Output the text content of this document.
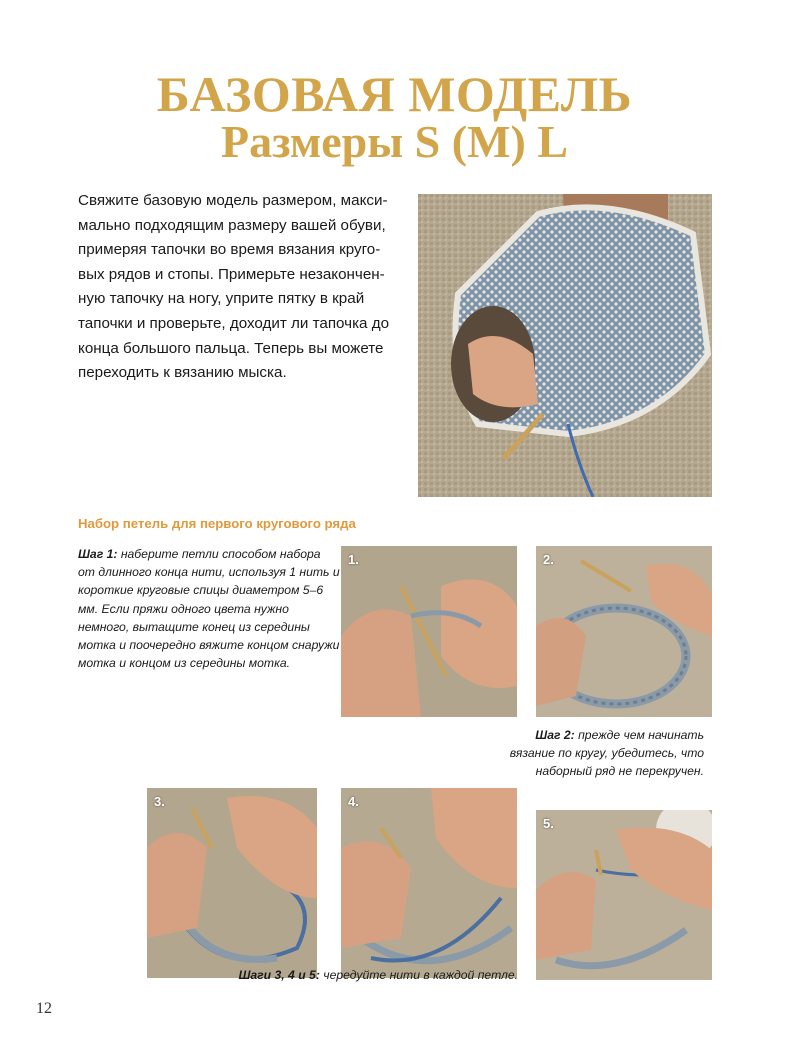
БАЗОВАЯ МОДЕЛЬ
Размеры S (M) L

Свяжите базовую модель размером, макси-мально подходящим размеру вашей обуви, примеряя тапочки во время вязания круго-вых рядов и стопы. Примерьте незакончен-ную тапочку на ногу, уприте пятку в край тапочки и проверьте, доходит ли тапочка до конца большого пальца. Теперь вы можете переходить к вязанию мыска.

Набор петель для первого кругового ряда

Шаг 1: наберите петли способом набора от длинного конца нити, используя 1 нить и короткие круговые спицы диаметром 5–6 мм. Если пряжи одного цвета нужно немного, вытащите конец из середины мотка и поочередно вяжите концом снаружи мотка и концом из середины мотка.

1.	2.

Шаг 2: прежде чем начинать вязание по кругу, убедитесь, что наборный ряд не перекручен.

3.	4.
5.

Шаги 3, 4 и 5: чередуйте нити в каждой петле.

12
